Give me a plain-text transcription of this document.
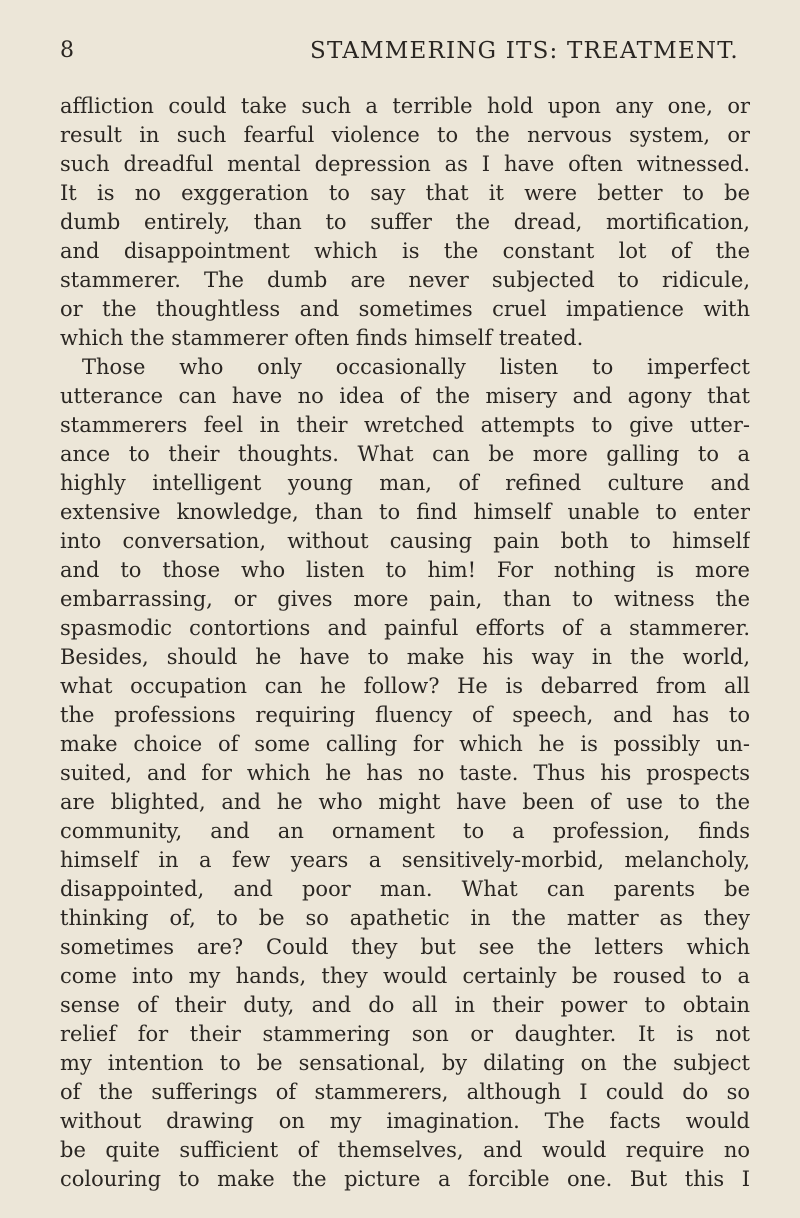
8	STAMMERING ITS: TREATMENT.
affliction could take such a terrible hold upon any one, or
result in such fearful violence to the nervous system, or
such dreadful mental depression as I have often witnessed.
It is no exggeration to say that it were better to be
dumb entirely, than to suffer the dread, mortification,
and disappointment which is the constant lot of the
stammerer. The dumb are never subjected to ridicule,
or the thoughtless and sometimes cruel impatience with
which the stammerer often finds himself treated.
Those who only occasionally listen to imperfect
utterance can have no idea of the misery and agony that
stammerers feel in their wretched attempts to give utter-
ance to their thoughts. What can be more galling to a
highly intelligent young man, of refined culture and
extensive knowledge, than to find himself unable to enter
into conversation, without causing pain both to himself
and to those who listen to him! For nothing is more
embarrassing, or gives more pain, than to witness the
spasmodic contortions and painful efforts of a stammerer.
Besides, should he have to make his way in the world,
what occupation can he follow? He is debarred from all
the professions requiring fluency of speech, and has to
make choice of some calling for which he is possibly un-
suited, and for which he has no taste. Thus his prospects
are blighted, and he who might have been of use to the
community, and an ornament to a profession, finds
himself in a few years a sensitively-morbid, melancholy,
disappointed, and poor man. What can parents be
thinking of, to be so apathetic in the matter as they
sometimes are? Could they but see the letters which
come into my hands, they would certainly be roused to a
sense of their duty, and do all in their power to obtain
relief for their stammering son or daughter. It is not
my intention to be sensational, by dilating on the subject
of the sufferings of stammerers, although I could do so
without drawing on my imagination. The facts would
be quite sufficient of themselves, and would require no
colouring to make the picture a forcible one. But this I
